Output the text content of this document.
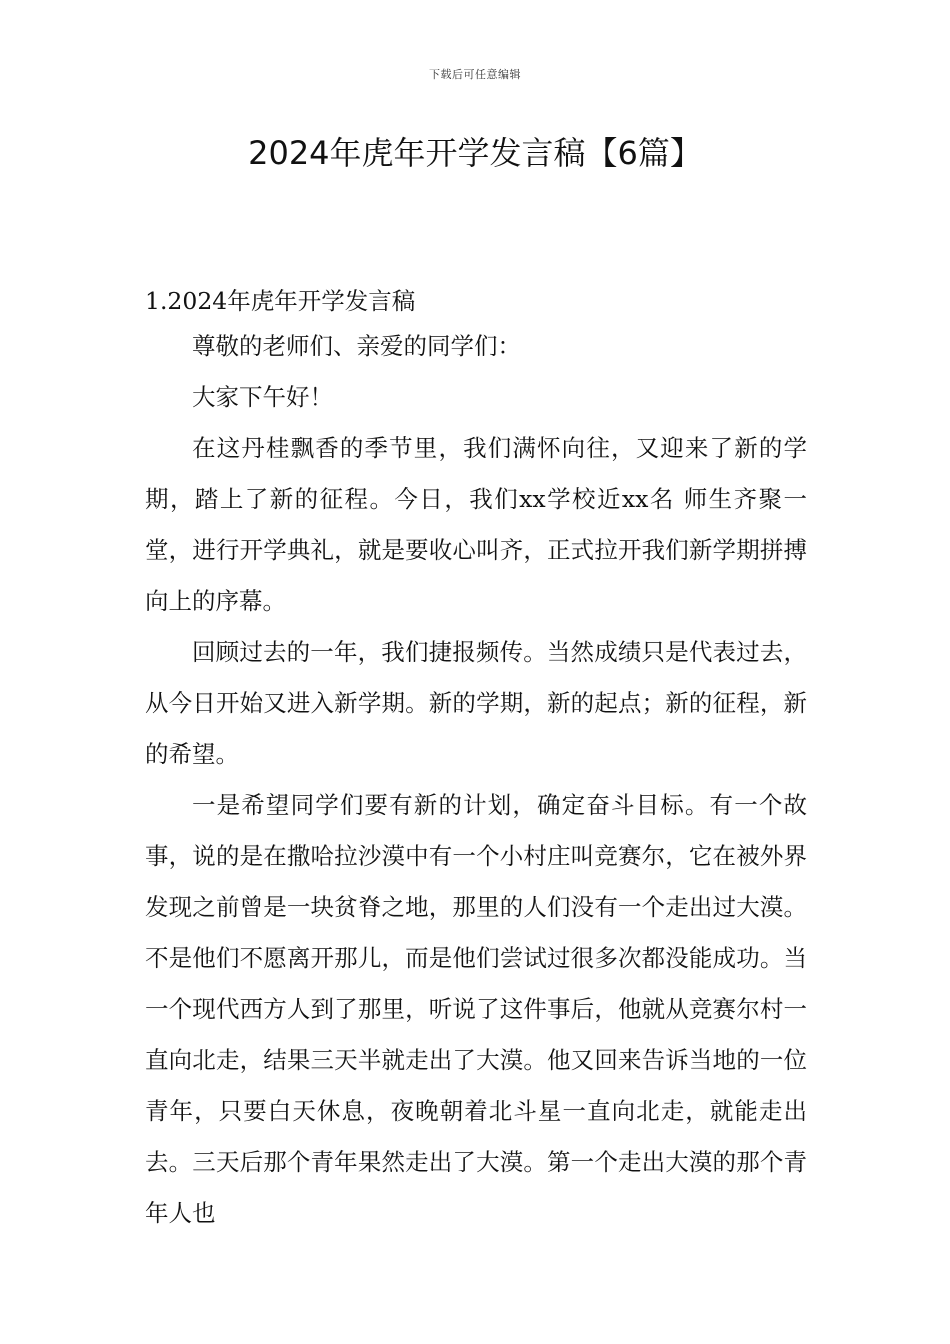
下载后可任意编辑
2024年虎年开学发言稿【6篇】
1.2024年虎年开学发言稿

尊敬的老师们、亲爱的同学们：

大家下午好！

在这丹桂飘香的季节里，我们满怀向往，又迎来了新的学期，踏上了新的征程。今日，我们xx学校近xx名 师生齐聚一堂，进行开学典礼，就是要收心叫齐，正式拉开我们新学期拼搏向上的序幕。

回顾过去的一年，我们捷报频传。当然成绩只是代表过去，从今日开始又进入新学期。新的学期，新的起点；新的征程，新的希望。

一是希望同学们要有新的计划，确定奋斗目标。有一个故事，说的是在撒哈拉沙漠中有一个小村庄叫竞赛尔，它在被外界发现之前曾是一块贫脊之地，那里的人们没有一个走出过大漠。不是他们不愿离开那儿，而是他们尝试过很多次都没能成功。当一个现代西方人到了那里，听说了这件事后，他就从竞赛尔村一直向北走，结果三天半就走出了大漠。他又回来告诉当地的一位青年，只要白天休息，夜晚朝着北斗星一直向北走，就能走出去。三天后那个青年果然走出了大漠。第一个走出大漠的那个青年人也
